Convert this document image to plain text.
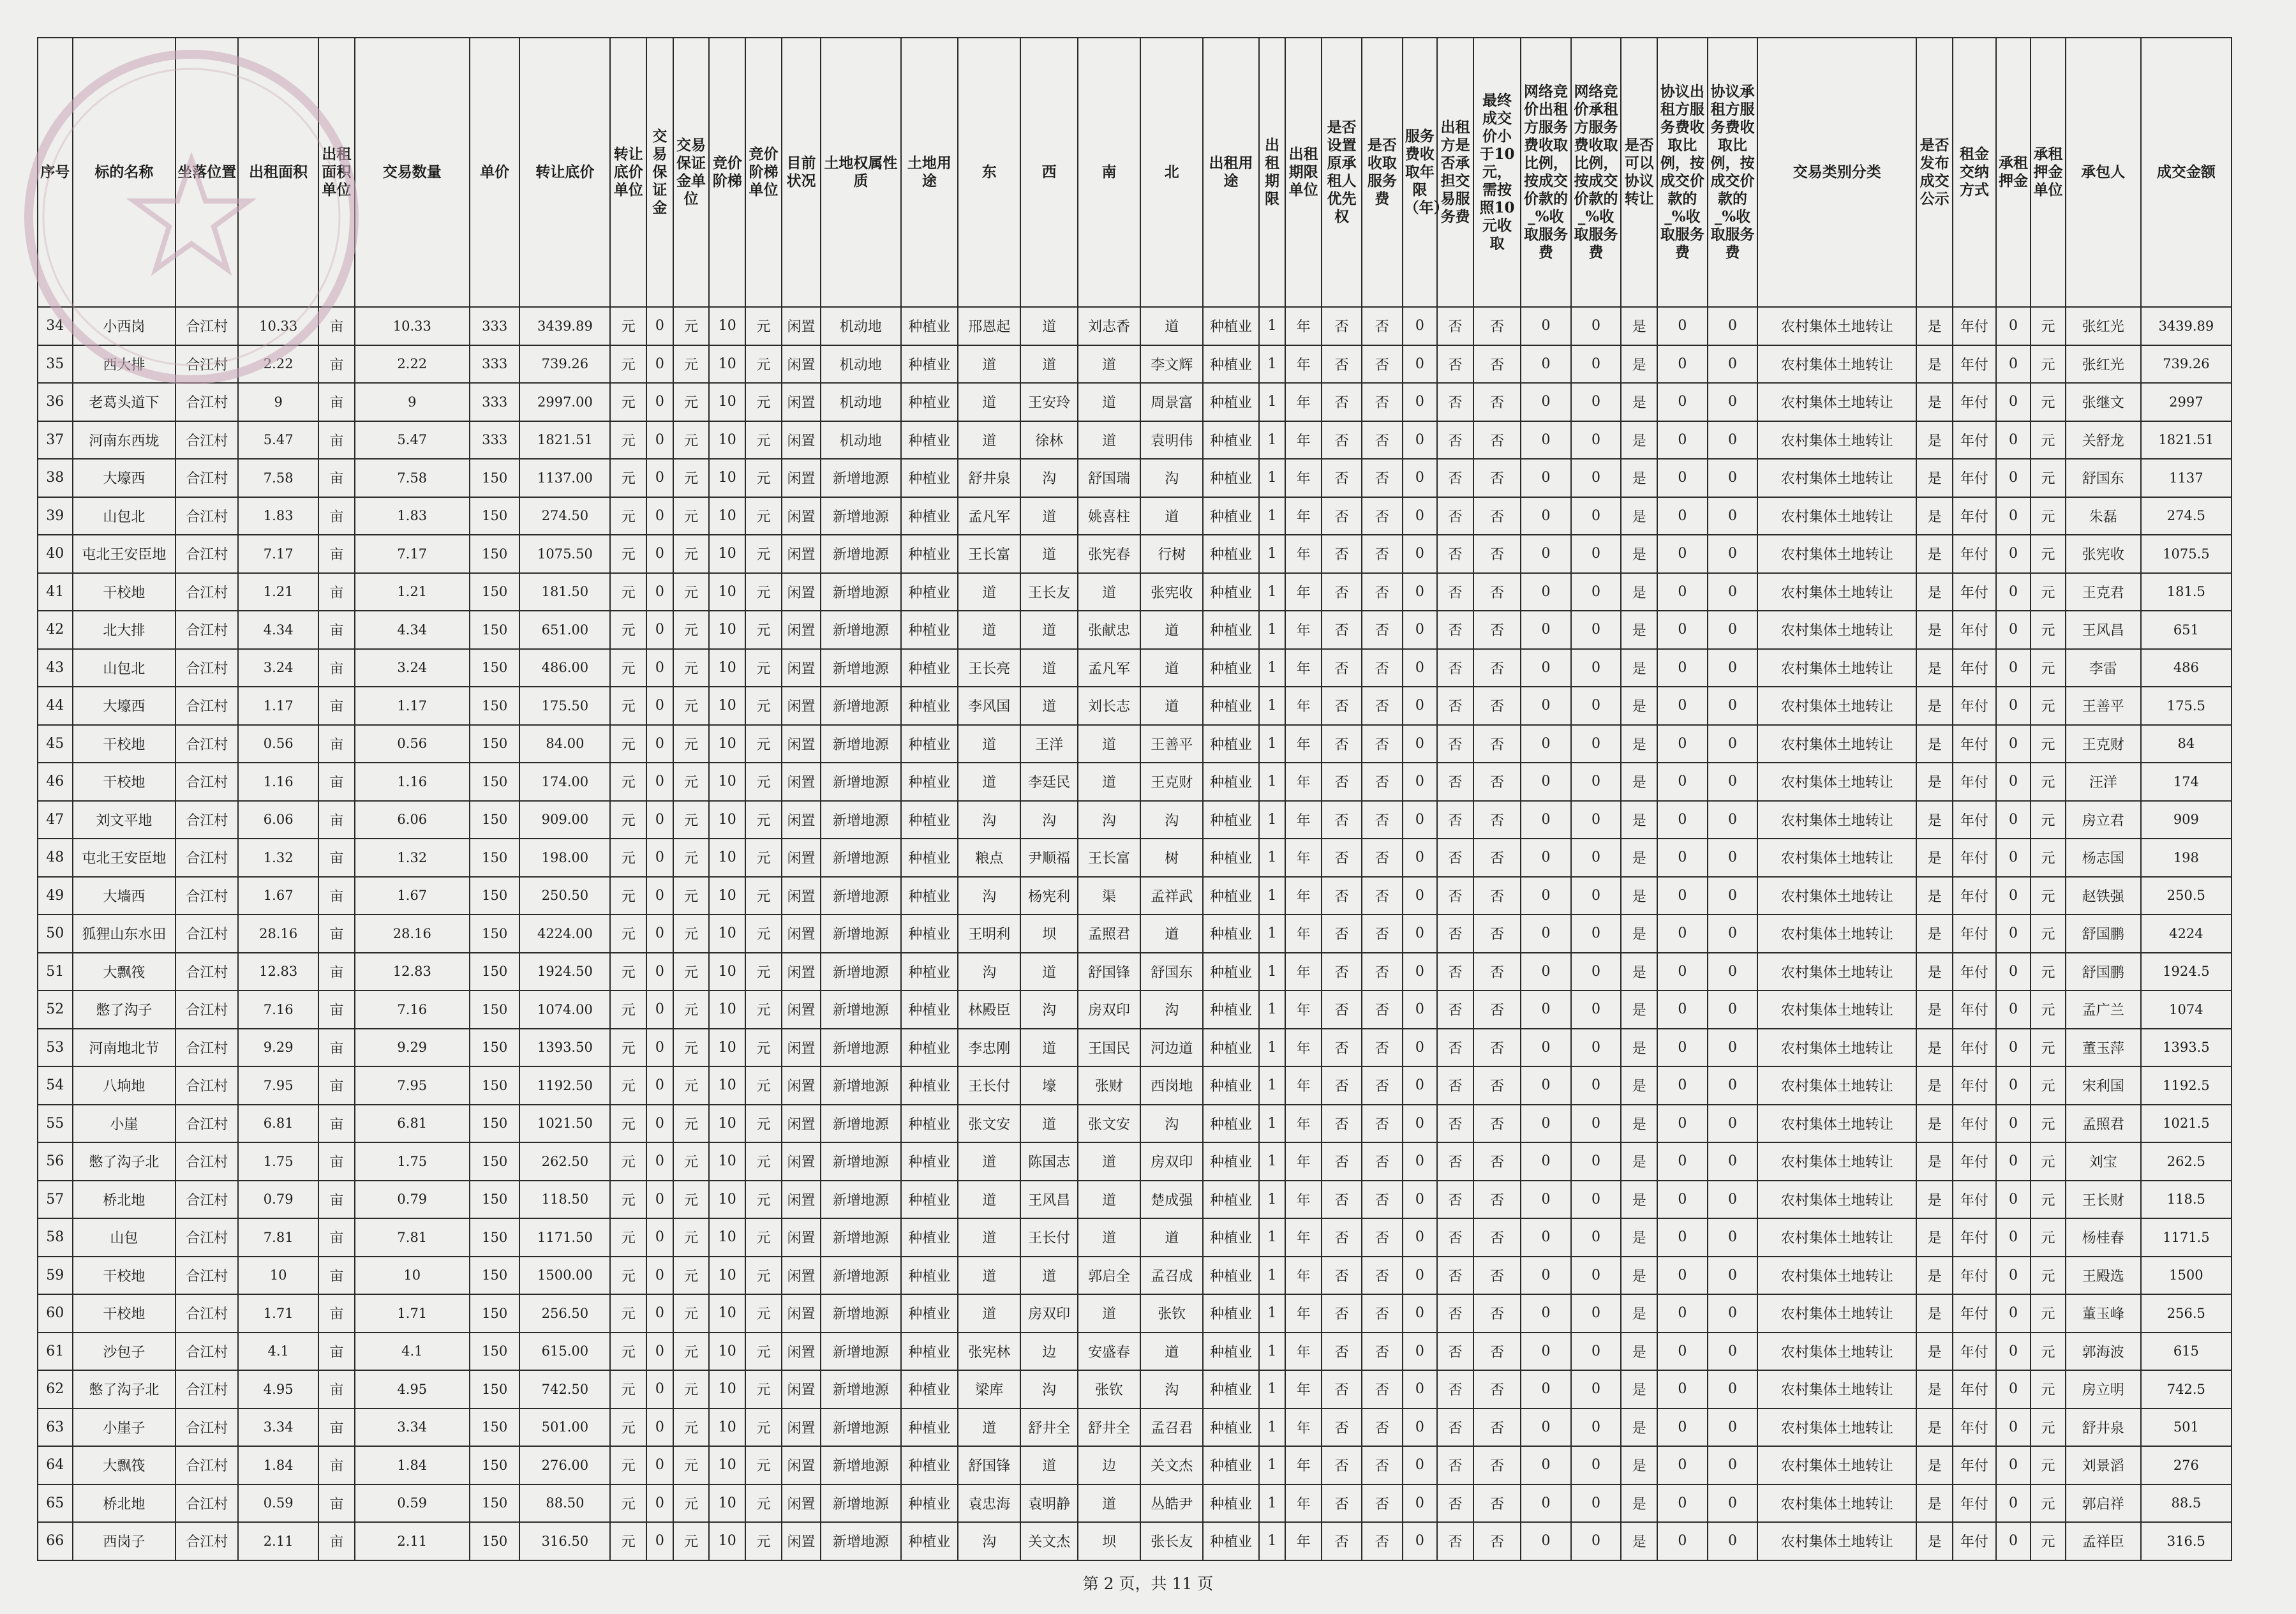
序号	标的名称	坐落位置	出租面积	出租面积单位	交易数量	单价	转让底价	转让底价单位	交易保证金	交易保证金单位	竞价阶梯	竞价阶梯单位	目前状况	土地权属性质	土地用途	东	西	南	北	出租用途	出租期限	出租期限单位	是否设置原承租人优先权	是否收取服务费	服务费收取年限（年）	出租方是否承担交易服务费	最终成交价小于10元，需按照10元收取	网络竞价出租方服务费收取比例，按成交价款的_%收取服务费	网络竞价承租方服务费收取比例，按成交价款的_%收取服务费	是否可以协议转让	协议出租方服务费收取比例，按成交价款的_%收取服务费	协议承租方服务费收取比例，按成交价款的_%收取服务费	交易类别分类	是否发布成交公示	租金交纳方式	承租押金	承租押金单位	承包人	成交金额
34	小西岗	合江村	10.33	亩	10.33	333	3439.89	元	0	元	10	元	闲置	机动地	种植业	邢恩起	道	刘志香	道	种植业	1	年	否	否	0	否	否	0	0	是	0	0	农村集体土地转让	是	年付	0	元	张红光	3439.89
35	西大排	合江村	2.22	亩	2.22	333	739.26	元	0	元	10	元	闲置	机动地	种植业	道	道	道	李文辉	种植业	1	年	否	否	0	否	否	0	0	是	0	0	农村集体土地转让	是	年付	0	元	张红光	739.26
36	老葛头道下	合江村	9	亩	9	333	2997.00	元	0	元	10	元	闲置	机动地	种植业	道	王安玲	道	周景富	种植业	1	年	否	否	0	否	否	0	0	是	0	0	农村集体土地转让	是	年付	0	元	张继文	2997
37	河南东西垅	合江村	5.47	亩	5.47	333	1821.51	元	0	元	10	元	闲置	机动地	种植业	道	徐林	道	袁明伟	种植业	1	年	否	否	0	否	否	0	0	是	0	0	农村集体土地转让	是	年付	0	元	关舒龙	1821.51
38	大壕西	合江村	7.58	亩	7.58	150	1137.00	元	0	元	10	元	闲置	新增地源	种植业	舒井泉	沟	舒国瑞	沟	种植业	1	年	否	否	0	否	否	0	0	是	0	0	农村集体土地转让	是	年付	0	元	舒国东	1137
39	山包北	合江村	1.83	亩	1.83	150	274.50	元	0	元	10	元	闲置	新增地源	种植业	孟凡军	道	姚喜柱	道	种植业	1	年	否	否	0	否	否	0	0	是	0	0	农村集体土地转让	是	年付	0	元	朱磊	274.5
40	屯北王安臣地	合江村	7.17	亩	7.17	150	1075.50	元	0	元	10	元	闲置	新增地源	种植业	王长富	道	张宪春	行树	种植业	1	年	否	否	0	否	否	0	0	是	0	0	农村集体土地转让	是	年付	0	元	张宪收	1075.5
41	干校地	合江村	1.21	亩	1.21	150	181.50	元	0	元	10	元	闲置	新增地源	种植业	道	王长友	道	张宪收	种植业	1	年	否	否	0	否	否	0	0	是	0	0	农村集体土地转让	是	年付	0	元	王克君	181.5
42	北大排	合江村	4.34	亩	4.34	150	651.00	元	0	元	10	元	闲置	新增地源	种植业	道	道	张献忠	道	种植业	1	年	否	否	0	否	否	0	0	是	0	0	农村集体土地转让	是	年付	0	元	王风昌	651
43	山包北	合江村	3.24	亩	3.24	150	486.00	元	0	元	10	元	闲置	新增地源	种植业	王长亮	道	孟凡军	道	种植业	1	年	否	否	0	否	否	0	0	是	0	0	农村集体土地转让	是	年付	0	元	李雷	486
44	大壕西	合江村	1.17	亩	1.17	150	175.50	元	0	元	10	元	闲置	新增地源	种植业	李风国	道	刘长志	道	种植业	1	年	否	否	0	否	否	0	0	是	0	0	农村集体土地转让	是	年付	0	元	王善平	175.5
45	干校地	合江村	0.56	亩	0.56	150	84.00	元	0	元	10	元	闲置	新增地源	种植业	道	王洋	道	王善平	种植业	1	年	否	否	0	否	否	0	0	是	0	0	农村集体土地转让	是	年付	0	元	王克财	84
46	干校地	合江村	1.16	亩	1.16	150	174.00	元	0	元	10	元	闲置	新增地源	种植业	道	李廷民	道	王克财	种植业	1	年	否	否	0	否	否	0	0	是	0	0	农村集体土地转让	是	年付	0	元	汪洋	174
47	刘文平地	合江村	6.06	亩	6.06	150	909.00	元	0	元	10	元	闲置	新增地源	种植业	沟	沟	沟	沟	种植业	1	年	否	否	0	否	否	0	0	是	0	0	农村集体土地转让	是	年付	0	元	房立君	909
48	屯北王安臣地	合江村	1.32	亩	1.32	150	198.00	元	0	元	10	元	闲置	新增地源	种植业	粮点	尹顺福	王长富	树	种植业	1	年	否	否	0	否	否	0	0	是	0	0	农村集体土地转让	是	年付	0	元	杨志国	198
49	大墙西	合江村	1.67	亩	1.67	150	250.50	元	0	元	10	元	闲置	新增地源	种植业	沟	杨宪利	渠	孟祥武	种植业	1	年	否	否	0	否	否	0	0	是	0	0	农村集体土地转让	是	年付	0	元	赵铁强	250.5
50	狐狸山东水田	合江村	28.16	亩	28.16	150	4224.00	元	0	元	10	元	闲置	新增地源	种植业	王明利	坝	孟照君	道	种植业	1	年	否	否	0	否	否	0	0	是	0	0	农村集体土地转让	是	年付	0	元	舒国鹏	4224
51	大飘筏	合江村	12.83	亩	12.83	150	1924.50	元	0	元	10	元	闲置	新增地源	种植业	沟	道	舒国锋	舒国东	种植业	1	年	否	否	0	否	否	0	0	是	0	0	农村集体土地转让	是	年付	0	元	舒国鹏	1924.5
52	憋了沟子	合江村	7.16	亩	7.16	150	1074.00	元	0	元	10	元	闲置	新增地源	种植业	林殿臣	沟	房双印	沟	种植业	1	年	否	否	0	否	否	0	0	是	0	0	农村集体土地转让	是	年付	0	元	孟广兰	1074
53	河南地北节	合江村	9.29	亩	9.29	150	1393.50	元	0	元	10	元	闲置	新增地源	种植业	李忠刚	道	王国民	河边道	种植业	1	年	否	否	0	否	否	0	0	是	0	0	农村集体土地转让	是	年付	0	元	董玉萍	1393.5
54	八垧地	合江村	7.95	亩	7.95	150	1192.50	元	0	元	10	元	闲置	新增地源	种植业	王长付	壕	张财	西岗地	种植业	1	年	否	否	0	否	否	0	0	是	0	0	农村集体土地转让	是	年付	0	元	宋利国	1192.5
55	小崖	合江村	6.81	亩	6.81	150	1021.50	元	0	元	10	元	闲置	新增地源	种植业	张文安	道	张文安	沟	种植业	1	年	否	否	0	否	否	0	0	是	0	0	农村集体土地转让	是	年付	0	元	孟照君	1021.5
56	憋了沟子北	合江村	1.75	亩	1.75	150	262.50	元	0	元	10	元	闲置	新增地源	种植业	道	陈国志	道	房双印	种植业	1	年	否	否	0	否	否	0	0	是	0	0	农村集体土地转让	是	年付	0	元	刘宝	262.5
57	桥北地	合江村	0.79	亩	0.79	150	118.50	元	0	元	10	元	闲置	新增地源	种植业	道	王风昌	道	楚成强	种植业	1	年	否	否	0	否	否	0	0	是	0	0	农村集体土地转让	是	年付	0	元	王长财	118.5
58	山包	合江村	7.81	亩	7.81	150	1171.50	元	0	元	10	元	闲置	新增地源	种植业	道	王长付	道	道	种植业	1	年	否	否	0	否	否	0	0	是	0	0	农村集体土地转让	是	年付	0	元	杨桂春	1171.5
59	干校地	合江村	10	亩	10	150	1500.00	元	0	元	10	元	闲置	新增地源	种植业	道	道	郭启全	孟召成	种植业	1	年	否	否	0	否	否	0	0	是	0	0	农村集体土地转让	是	年付	0	元	王殿选	1500
60	干校地	合江村	1.71	亩	1.71	150	256.50	元	0	元	10	元	闲置	新增地源	种植业	道	房双印	道	张钦	种植业	1	年	否	否	0	否	否	0	0	是	0	0	农村集体土地转让	是	年付	0	元	董玉峰	256.5
61	沙包子	合江村	4.1	亩	4.1	150	615.00	元	0	元	10	元	闲置	新增地源	种植业	张宪林	边	安盛春	道	种植业	1	年	否	否	0	否	否	0	0	是	0	0	农村集体土地转让	是	年付	0	元	郭海波	615
62	憋了沟子北	合江村	4.95	亩	4.95	150	742.50	元	0	元	10	元	闲置	新增地源	种植业	梁库	沟	张钦	沟	种植业	1	年	否	否	0	否	否	0	0	是	0	0	农村集体土地转让	是	年付	0	元	房立明	742.5
63	小崖子	合江村	3.34	亩	3.34	150	501.00	元	0	元	10	元	闲置	新增地源	种植业	道	舒井全	舒井全	孟召君	种植业	1	年	否	否	0	否	否	0	0	是	0	0	农村集体土地转让	是	年付	0	元	舒井泉	501
64	大飘筏	合江村	1.84	亩	1.84	150	276.00	元	0	元	10	元	闲置	新增地源	种植业	舒国锋	道	边	关文杰	种植业	1	年	否	否	0	否	否	0	0	是	0	0	农村集体土地转让	是	年付	0	元	刘景滔	276
65	桥北地	合江村	0.59	亩	0.59	150	88.50	元	0	元	10	元	闲置	新增地源	种植业	袁忠海	袁明静	道	丛皓尹	种植业	1	年	否	否	0	否	否	0	0	是	0	0	农村集体土地转让	是	年付	0	元	郭启祥	88.5
66	西岗子	合江村	2.11	亩	2.11	150	316.50	元	0	元	10	元	闲置	新增地源	种植业	沟	关文杰	坝	张长友	种植业	1	年	否	否	0	否	否	0	0	是	0	0	农村集体土地转让	是	年付	0	元	孟祥臣	316.5
第 2 页，共 11 页
